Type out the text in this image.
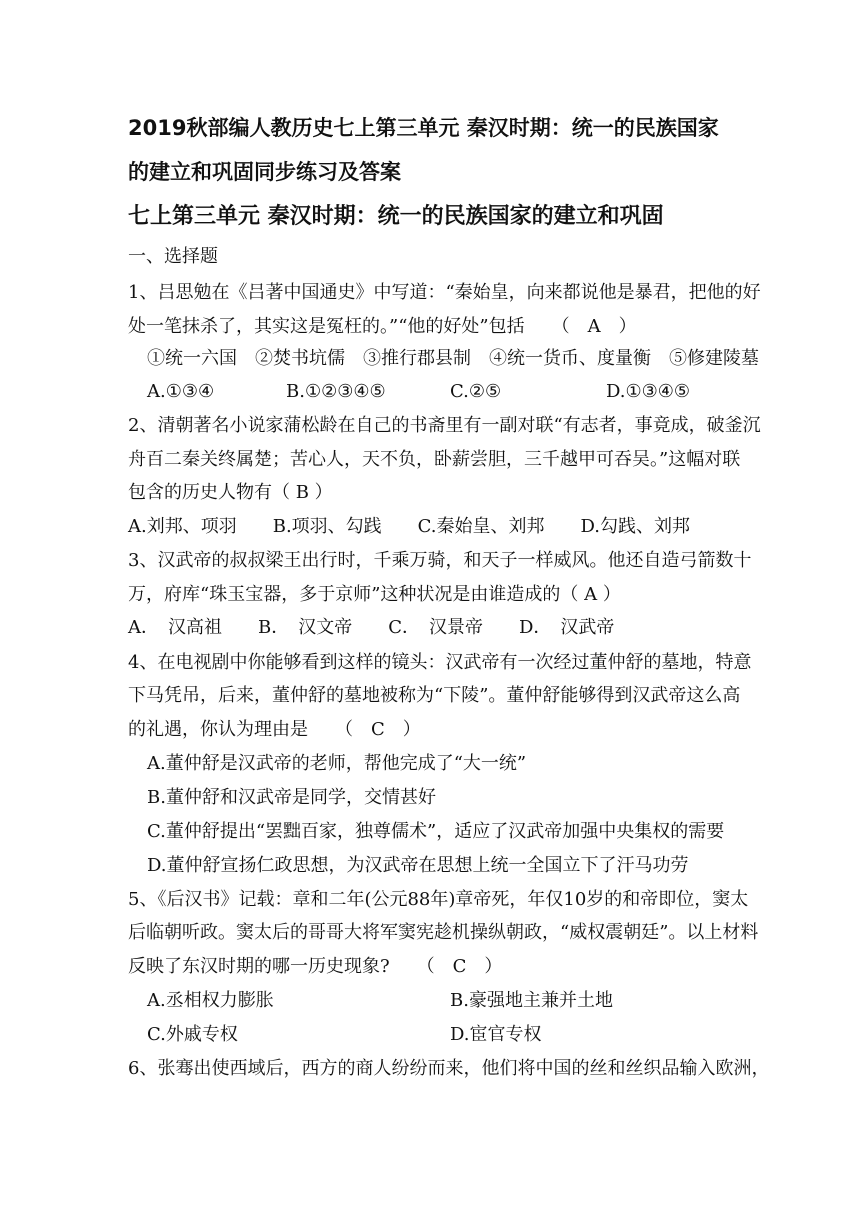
2019秋部编人教历史七上第三单元 秦汉时期：统一的民族国家
的建立和巩固同步练习及答案
七上第三单元 秦汉时期：统一的民族国家的建立和巩固
一、选择题
1、吕思勉在《吕著中国通史》中写道：“秦始皇，向来都说他是暴君，把他的好
处一笔抹杀了，其实这是冤枉的。”“他的好处”包括　　（　A　）
①统一六国　②焚书坑儒　③推行郡县制　④统一货币、度量衡　⑤修建陵墓
A.①③④	B.①②③④⑤	C.②⑤	D.①③④⑤
2、清朝著名小说家蒲松龄在自己的书斋里有一副对联“有志者，事竟成，破釜沉
舟百二秦关终属楚；苦心人，天不负，卧薪尝胆，三千越甲可吞吴。”这幅对联
包含的历史人物有（ B ）
A.刘邦、项羽　　B.项羽、勾践　　C.秦始皇、刘邦　　D.勾践、刘邦
3、汉武帝的叔叔梁王出行时，千乘万骑，和天子一样威风。他还自造弓箭数十
万，府库“珠玉宝器，多于京师”这种状况是由谁造成的（ A ）
A．　汉高祖　　B．　汉文帝　　C．　汉景帝　　D．　汉武帝
4、在电视剧中你能够看到这样的镜头：汉武帝有一次经过董仲舒的墓地，特意
下马凭吊，后来，董仲舒的墓地被称为“下陵”。董仲舒能够得到汉武帝这么高
的礼遇，你认为理由是　　（　C　）
A.董仲舒是汉武帝的老师，帮他完成了“大一统”
B.董仲舒和汉武帝是同学，交情甚好
C.董仲舒提出“罢黜百家，独尊儒术”，适应了汉武帝加强中央集权的需要
D.董仲舒宣扬仁政思想，为汉武帝在思想上统一全国立下了汗马功劳
5、《后汉书》记载：章和二年(公元88年)章帝死，年仅10岁的和帝即位，窦太
后临朝听政。窦太后的哥哥大将军窦宪趁机操纵朝政，“威权震朝廷”。以上材料
反映了东汉时期的哪一历史现象?　　（　C　）
A.丞相权力膨胀	B.豪强地主兼并土地
C.外戚专权	D.宦官专权
6、张骞出使西域后，西方的商人纷纷而来，他们将中国的丝和丝织品输入欧洲，
